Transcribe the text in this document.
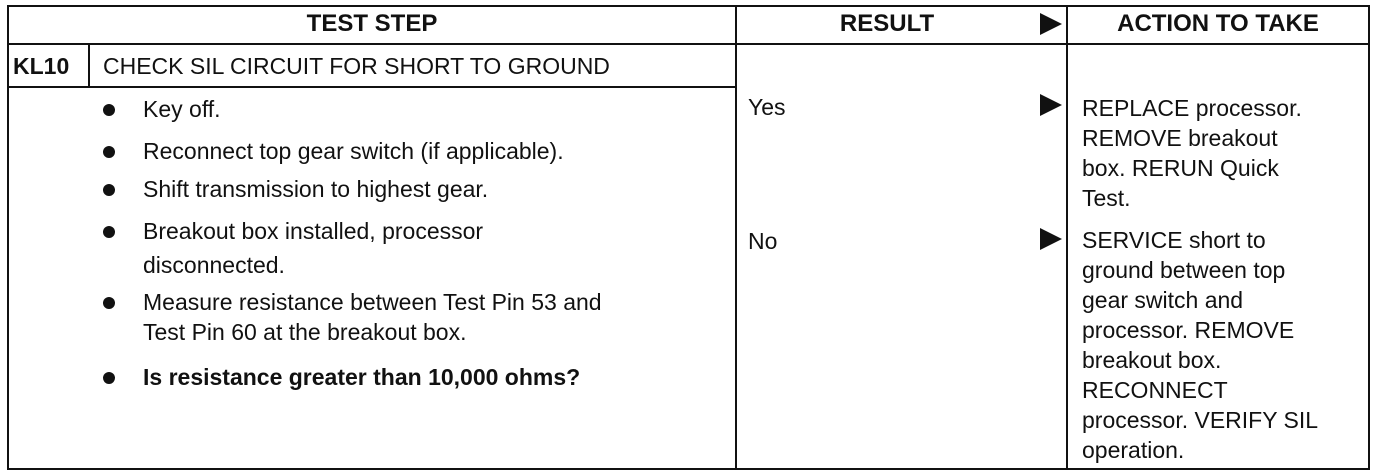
TEST STEP	RESULT	ACTION TO TAKE
KL10 CHECK SIL CIRCUIT FOR SHORT TO GROUND
Key off.
Reconnect top gear switch (if applicable).
Shift transmission to highest gear.
Breakout box installed, processor
disconnected.
Measure resistance between Test Pin 53 and
Test Pin 60 at the breakout box.
Is resistance greater than 10,000 ohms?
Yes
No
REPLACE processor.
REMOVE breakout
box. RERUN Quick
Test.
SERVICE short to
ground between top
gear switch and
processor. REMOVE
breakout box.
RECONNECT
processor. VERIFY SIL
operation.
